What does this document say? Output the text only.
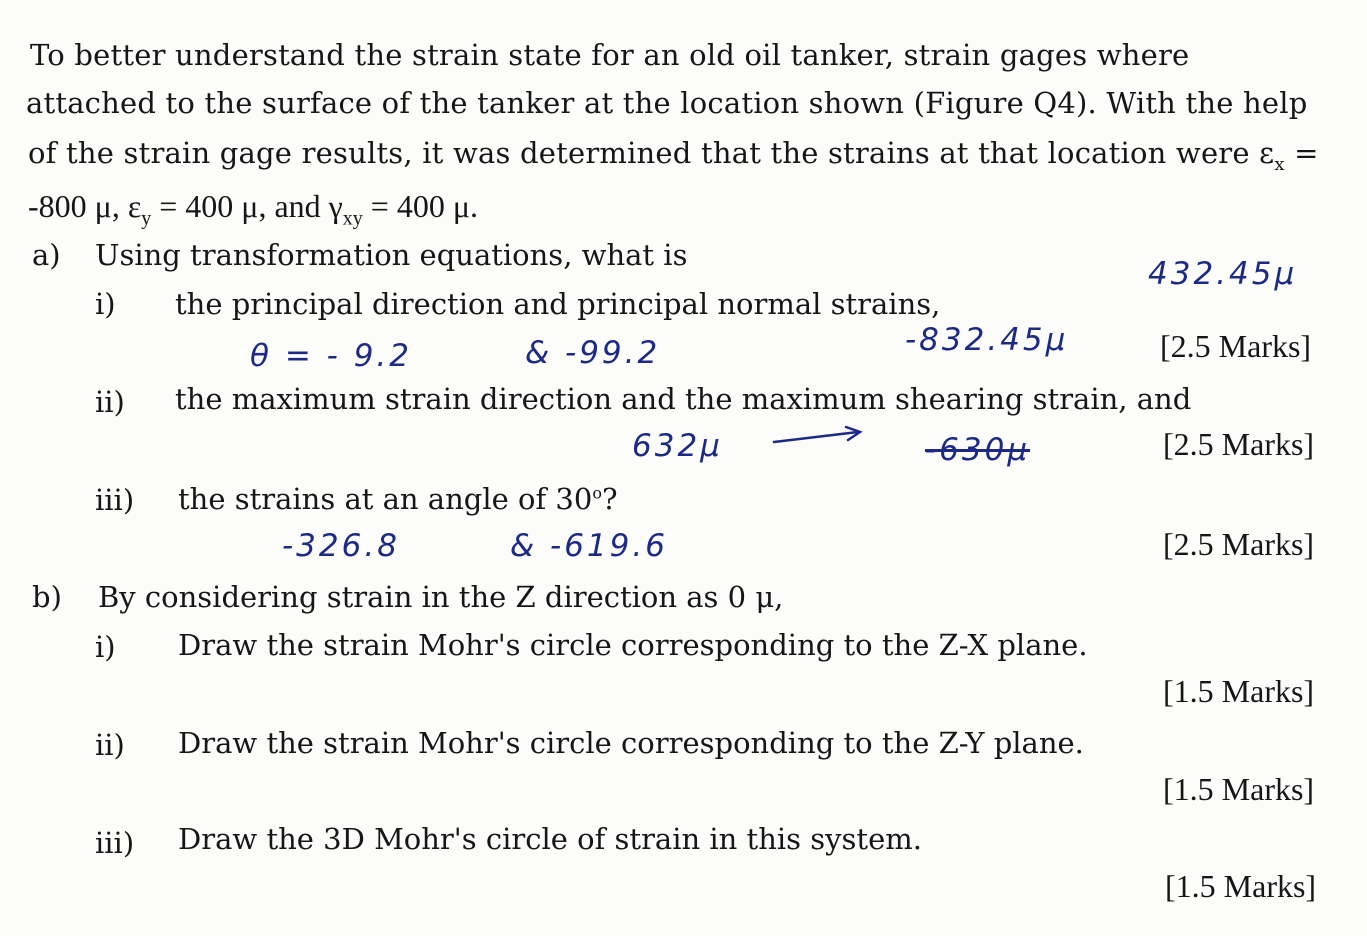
To better understand the strain state for an old oil tanker, strain gages where
attached to the surface of the tanker at the location shown (Figure Q4). With the help
of the strain gage results, it was determined that the strains at that location were $\varepsilon_x$ =
-800 μ, $\varepsilon_y = 400$ μ, and $\gamma_{xy} = 400$ μ.
a) Using transformation equations, what is
i) the principal direction and principal normal strains,
[2.5 Marks]
θ = - 9.2	& -99.2	-832.45μ
432.45μ
ii) the maximum strain direction and the maximum shearing strain, and
[2.5 Marks]
632μ	-630μ
iii) the strains at an angle of 30$^o$?
[2.5 Marks]
-326.8	& -619.6
b) By considering strain in the Z direction as 0 μ,
i) Draw the strain Mohr's circle corresponding to the Z-X plane.
[1.5 Marks]
ii) Draw the strain Mohr's circle corresponding to the Z-Y plane.
[1.5 Marks]
iii) Draw the 3D Mohr's circle of strain in this system.
[1.5 Marks]
